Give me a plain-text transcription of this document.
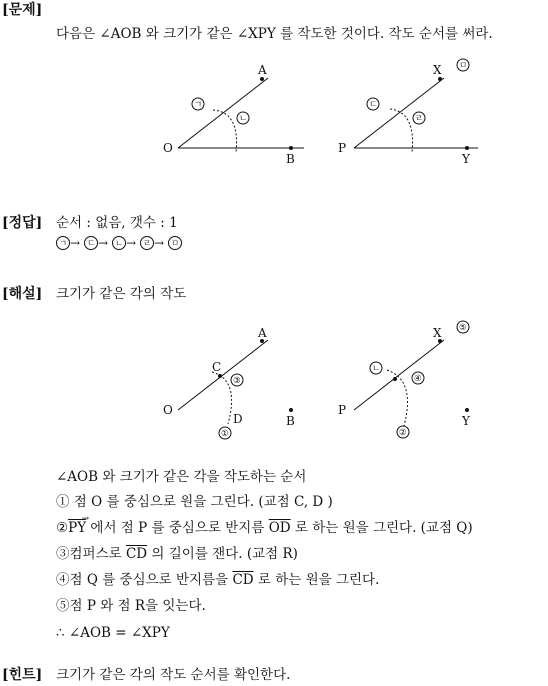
[문제]
다음은 ∠AOB 와 크기가 같은 ∠XPY 를 작도한 것이다. 작도 순서를 써라.
A
O
B
ㄱ
ㄴ
X
P
Y
ㅁ
ㄷ
ㄹ
A
O
B
C
D
①
③
X
P
Y
⑤
ㄴ
④
②
[정답] 순서 : 없음, 갯수 : 1
ㄱ → ㄷ → ㄴ → ㄹ → ㅁ
[해설] 크기가 같은 각의 작도
∠AOB 와 크기가 같은 각을 작도하는 순서
① 점 O 를 중심으로 원을 그린다. (교점 C, D )
②PY
→
에서 점 P 를 중심으로 반지름 $\overline{OD}$ 로 하는 원을 그린다. (교점 Q)
③컴퍼스로 $\overline{CD}$ 의 길이를 잰다. (교점 R)
④점 Q 를 중심으로 반지름을 $\overline{CD}$ 로 하는 원을 그린다.
⑤점 P 와 점 R을 잇는다.
∴ ∠AOB = ∠XPY
[힌트] 크기가 같은 각의 작도 순서를 확인한다.
